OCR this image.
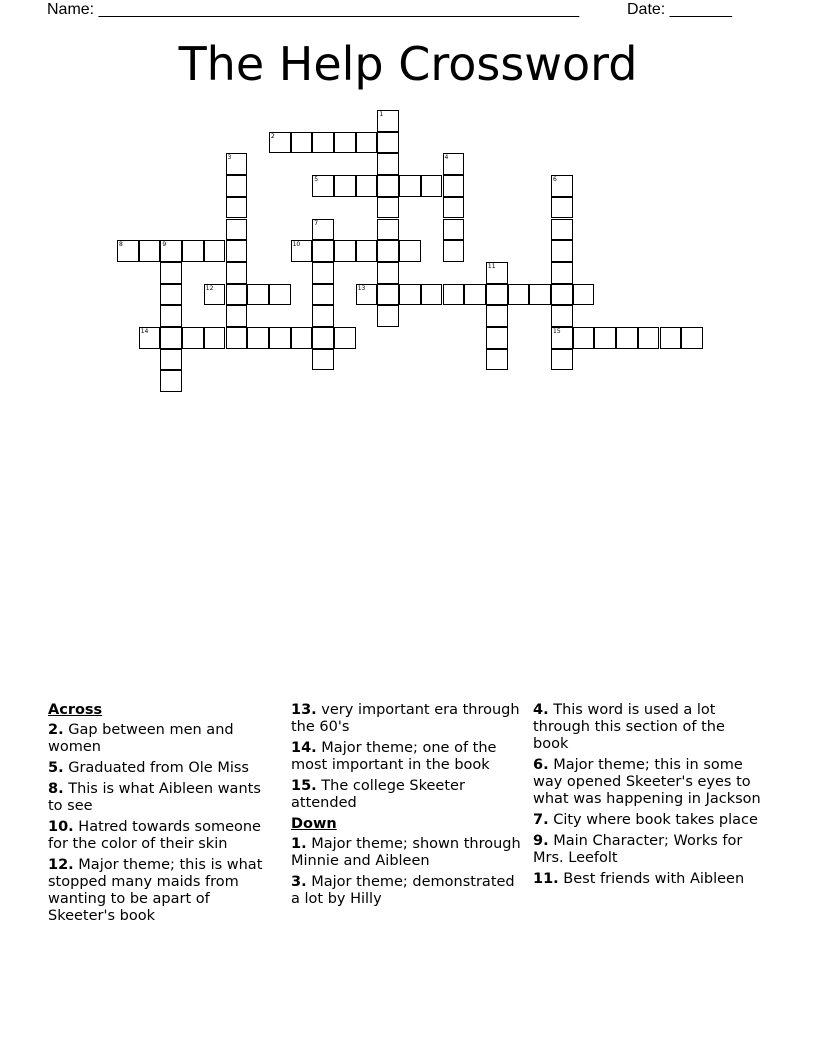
Name: ______________________________________________________	Date: _______
The Help Crossword
1
2
3	4
5	6
15
7
8	9	10
11
12	13
14
Across
2. Gap between men and women
5. Graduated from Ole Miss
8. This is what Aibleen wants to see
10. Hatred towards someone for the color of their skin
12. Major theme; this is what stopped many maids from wanting to be apart of Skeeter's book
13. very important era through the 60's
14. Major theme; one of the most important in the book
15. The college Skeeter attended
Down
1. Major theme; shown through Minnie and Aibleen
3. Major theme; demonstrated a lot by Hilly
4. This word is used a lot through this section of the book
6. Major theme; this in some way opened Skeeter's eyes to what was happening in Jackson
7. City where book takes place
9. Main Character; Works for Mrs. Leefolt
11. Best friends with Aibleen
